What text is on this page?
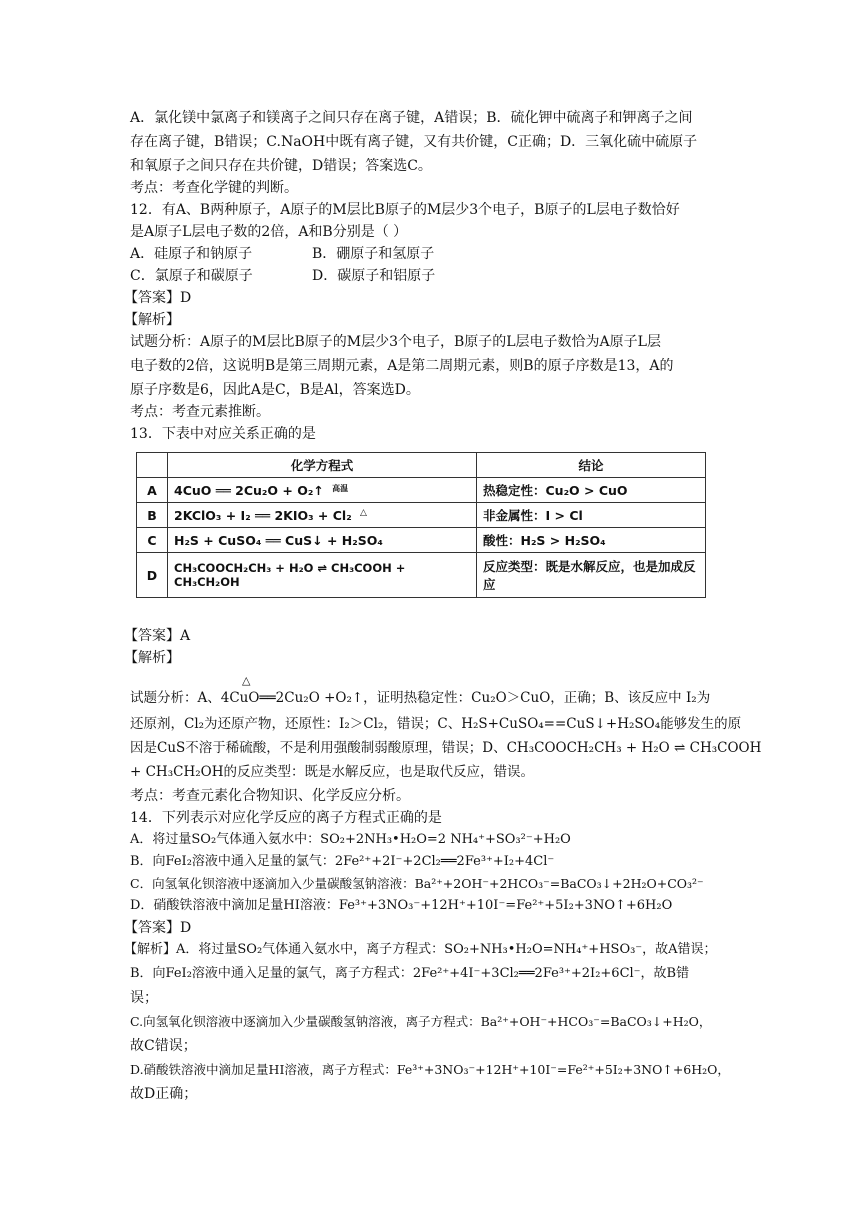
A．氯化镁中氯离子和镁离子之间只存在离子键，A错误；B．硫化钾中硫离子和钾离子之间
存在离子键，B错误；C.NaOH中既有离子键，又有共价键，C正确；D．三氧化硫中硫原子
和氧原子之间只存在共价键，D错误；答案选C。
考点：考查化学键的判断。
12．有A、B两种原子，A原子的M层比B原子的M层少3个电子，B原子的L层电子数恰好
是A原子L层电子数的2倍，A和B分别是（ ）
A．硅原子和钠原子	B．硼原子和氢原子
C．氯原子和碳原子	D．碳原子和铝原子
【答案】D
【解析】
试题分析：A原子的M层比B原子的M层少3个电子，B原子的L层电子数恰为A原子L层
电子数的2倍，这说明B是第三周期元素，A是第二周期元素，则B的原子序数是13，A的
原子序数是6，因此A是C，B是Al，答案选D。
考点：考查元素推断。
13．下表中对应关系正确的是
	化学方程式	结论
A	4CuO ══ 2Cu₂O + O₂↑ $^{高温}$	热稳定性：Cu₂O > CuO
B	2KClO₃ + I₂ ══ 2KIO₃ + Cl₂ △	非金属性：I > Cl
C	H₂S + CuSO₄ ══ CuS↓ + H₂SO₄	酸性：H₂S > H₂SO₄
D	CH₃COOCH₂CH₃ + H₂O ⇌ CH₃COOH + CH₃CH₂OH	反应类型：既是水解反应，也是加成反应
【答案】A
【解析】
△
试题分析：A、4CuO══2Cu₂O +O₂↑，证明热稳定性：Cu₂O＞CuO，正确；B、该反应中 I₂为
还原剂，Cl₂为还原产物，还原性：I₂＞Cl₂，错误；C、H₂S+CuSO₄==CuS↓+H₂SO₄能够发生的原
因是CuS不溶于稀硫酸，不是利用强酸制弱酸原理，错误；D、CH₃COOCH₂CH₃ + H₂O ⇌ CH₃COOH
+ CH₃CH₂OH的反应类型：既是水解反应，也是取代反应，错误。
考点：考查元素化合物知识、化学反应分析。
14．下列表示对应化学反应的离子方程式正确的是
A．将过量SO₂气体通入氨水中：SO₂+2NH₃•H₂O=2 NH₄⁺+SO₃²⁻+H₂O
B．向FeI₂溶液中通入足量的氯气：2Fe²⁺+2I⁻+2Cl₂══2Fe³⁺+I₂+4Cl⁻
C．向氢氧化钡溶液中逐滴加入少量碳酸氢钠溶液：Ba²⁺+2OH⁻+2HCO₃⁻=BaCO₃↓+2H₂O+CO₃²⁻
D．硝酸铁溶液中滴加足量HI溶液：Fe³⁺+3NO₃⁻+12H⁺+10I⁻=Fe²⁺+5I₂+3NO↑+6H₂O
【答案】D
【解析】A．将过量SO₂气体通入氨水中，离子方程式：SO₂+NH₃•H₂O=NH₄⁺+HSO₃⁻，故A错误；
B．向FeI₂溶液中通入足量的氯气，离子方程式：2Fe²⁺+4I⁻+3Cl₂══2Fe³⁺+2I₂+6Cl⁻，故B错
误；
C.向氢氧化钡溶液中逐滴加入少量碳酸氢钠溶液，离子方程式：Ba²⁺+OH⁻+HCO₃⁻=BaCO₃↓+H₂O，
故C错误；
D.硝酸铁溶液中滴加足量HI溶液，离子方程式：Fe³⁺+3NO₃⁻+12H⁺+10I⁻=Fe²⁺+5I₂+3NO↑+6H₂O，
故D正确；
